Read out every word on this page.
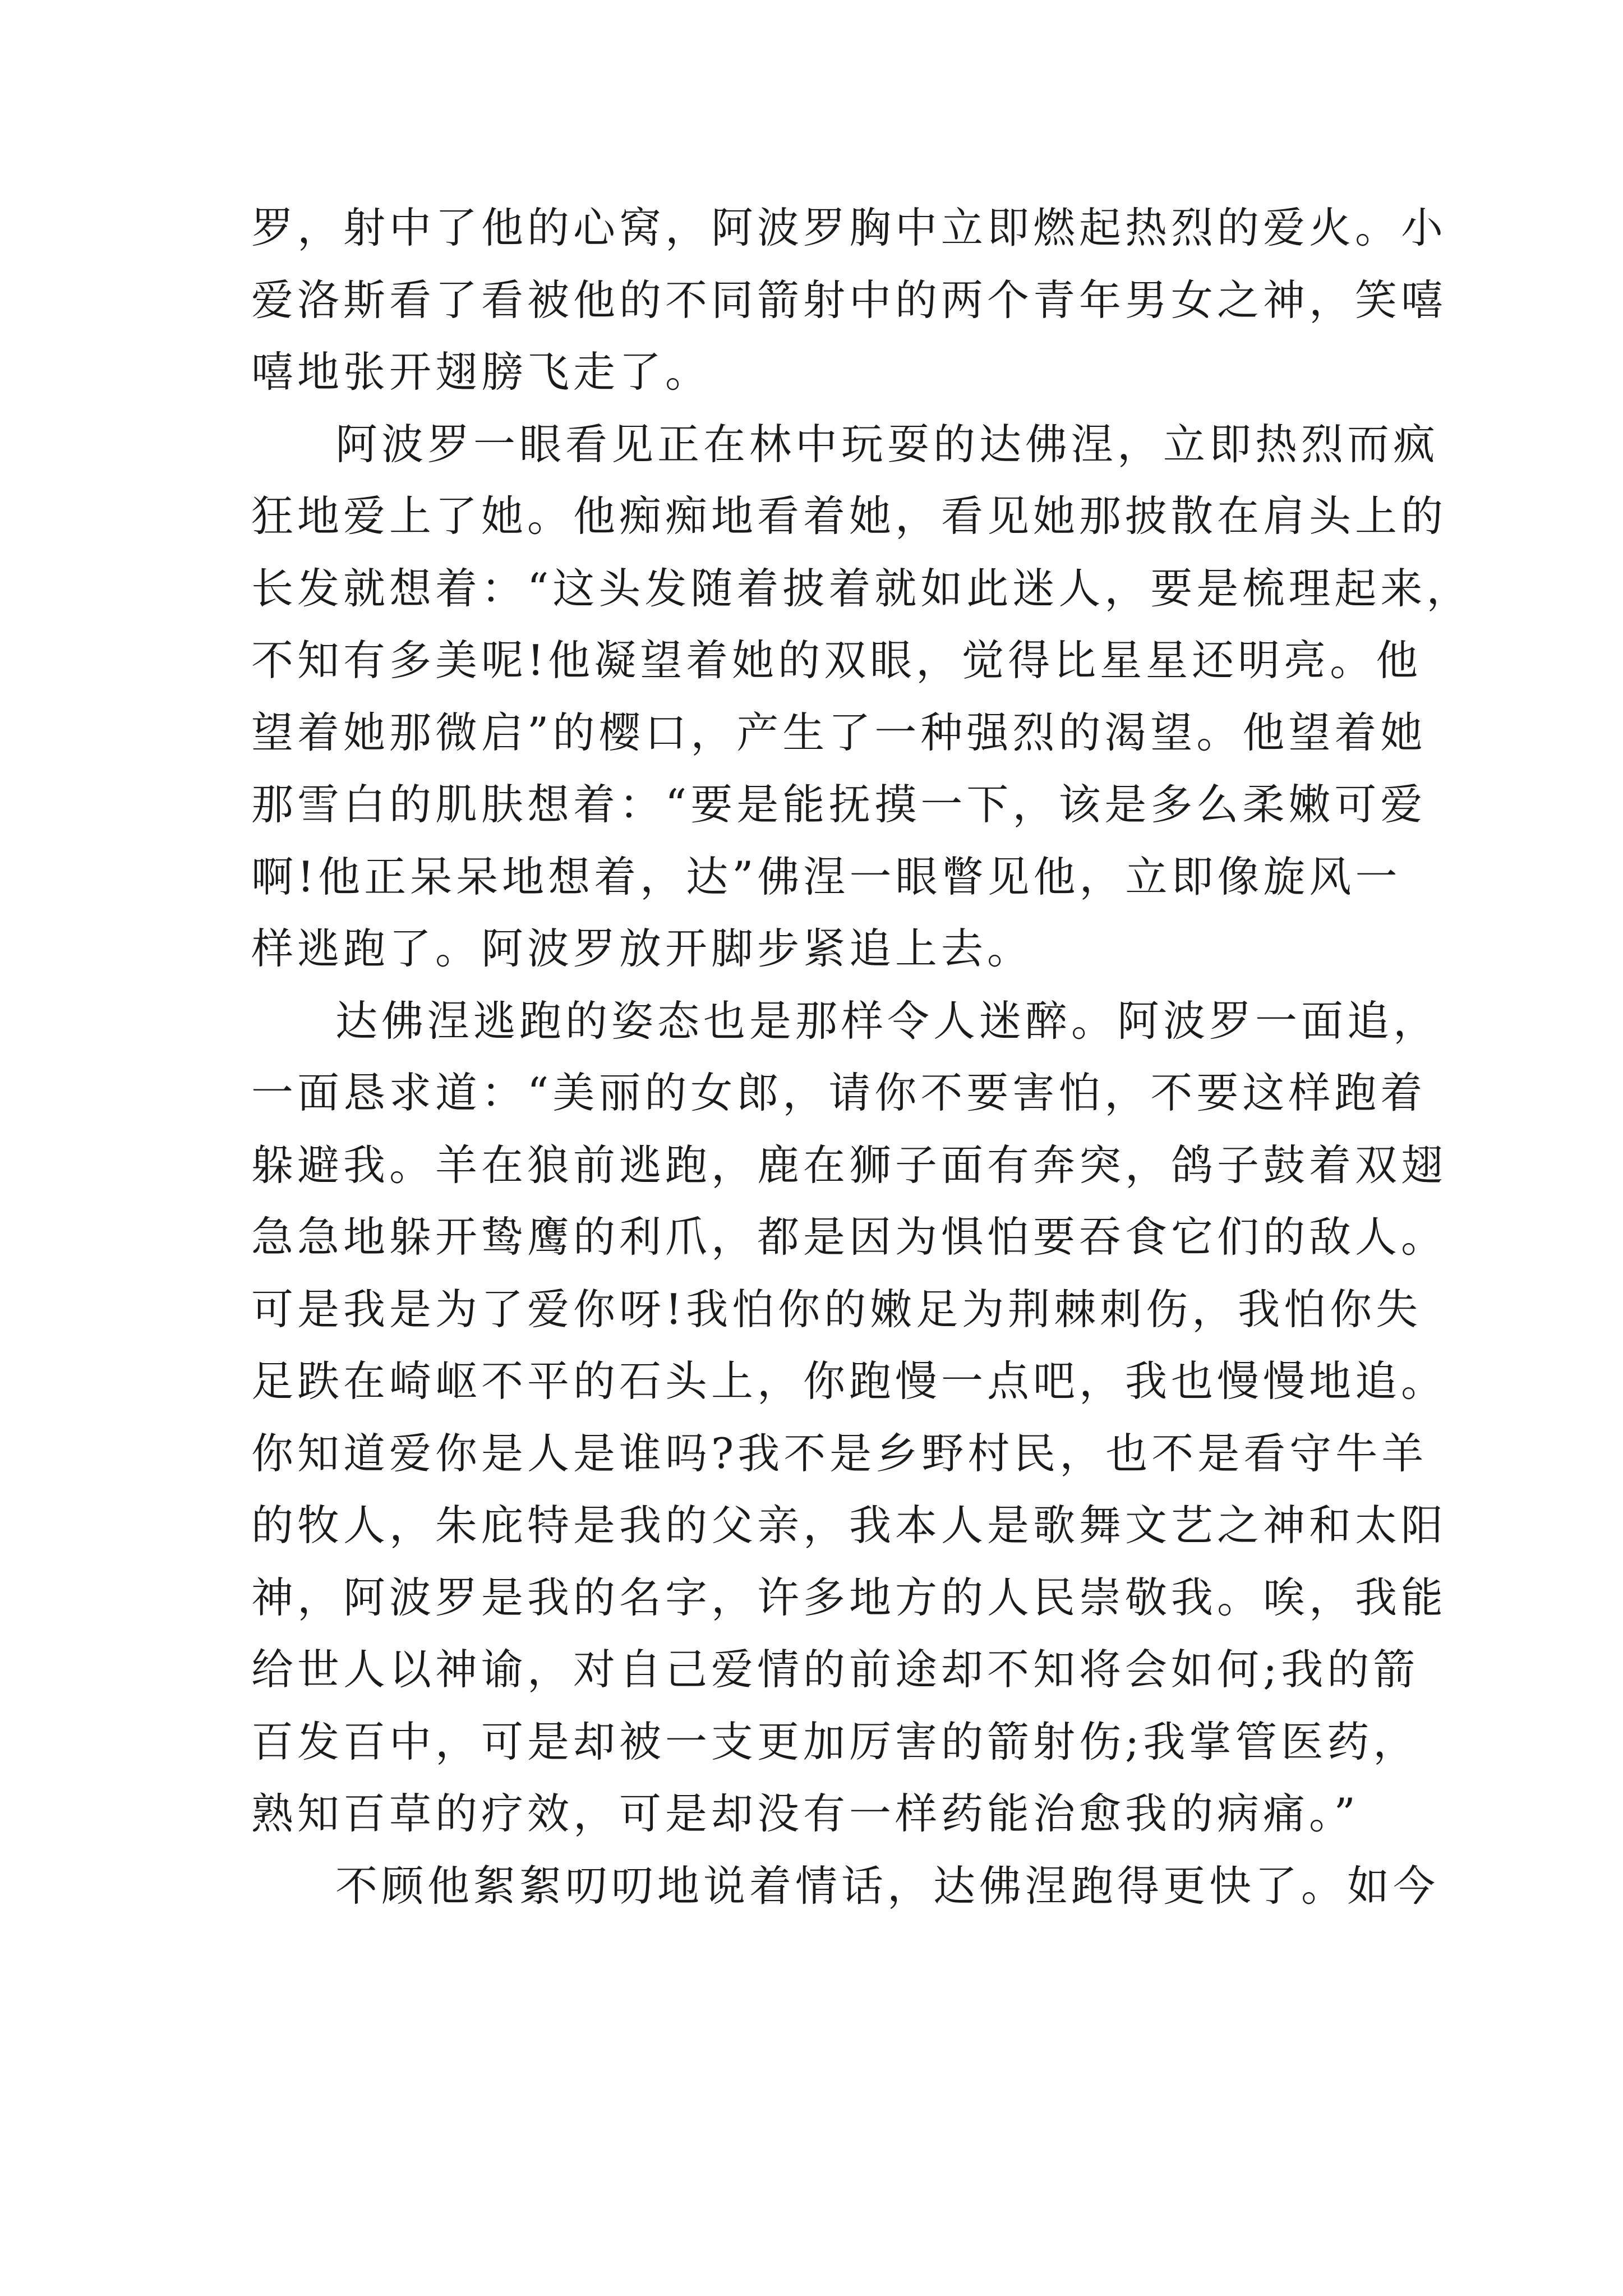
罗，射中了他的心窝，阿波罗胸中立即燃起热烈的爱火。小
爱洛斯看了看被他的不同箭射中的两个青年男女之神，笑嘻
嘻地张开翅膀飞走了。
阿波罗一眼看见正在林中玩耍的达佛涅，立即热烈而疯
狂地爱上了她。他痴痴地看着她，看见她那披散在肩头上的
长发就想着：“这头发随着披着就如此迷人，要是梳理起来，
不知有多美呢!他凝望着她的双眼，觉得比星星还明亮。他
望着她那微启”的樱口，产生了一种强烈的渴望。他望着她
那雪白的肌肤想着：“要是能抚摸一下，该是多么柔嫩可爱
啊!他正呆呆地想着，达”佛涅一眼瞥见他，立即像旋风一
样逃跑了。阿波罗放开脚步紧追上去。
达佛涅逃跑的姿态也是那样令人迷醉。阿波罗一面追，
一面恳求道：“美丽的女郎，请你不要害怕，不要这样跑着
躲避我。羊在狼前逃跑，鹿在狮子面有奔突，鸽子鼓着双翅
急急地躲开鸷鹰的利爪，都是因为惧怕要吞食它们的敌人。
可是我是为了爱你呀!我怕你的嫩足为荆棘刺伤，我怕你失
足跌在崎岖不平的石头上，你跑慢一点吧，我也慢慢地追。
你知道爱你是人是谁吗?我不是乡野村民，也不是看守牛羊
的牧人，朱庇特是我的父亲，我本人是歌舞文艺之神和太阳
神，阿波罗是我的名字，许多地方的人民崇敬我。唉，我能
给世人以神谕，对自己爱情的前途却不知将会如何;我的箭
百发百中，可是却被一支更加厉害的箭射伤;我掌管医药，
熟知百草的疗效，可是却没有一样药能治愈我的病痛。”
不顾他絮絮叨叨地说着情话，达佛涅跑得更快了。如今
